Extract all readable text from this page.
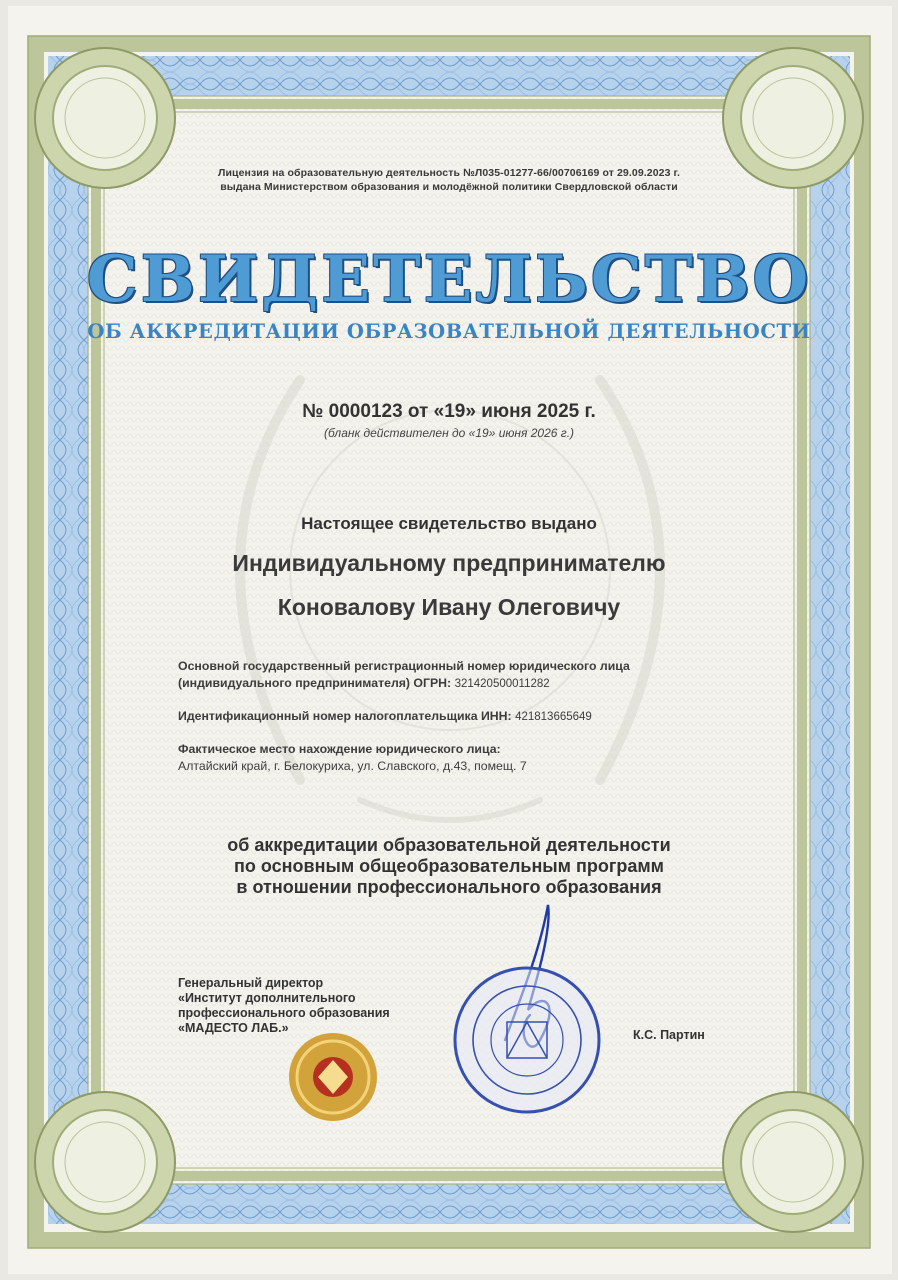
Лицензия на образовательную деятельность №Л035-01277-66/00706169 от 29.09.2023 г.
выдана Министерством образования и молодёжной политики Свердловской области
СВИДЕТЕЛЬСТВО
ОБ АККРЕДИТАЦИИ ОБРАЗОВАТЕЛЬНОЙ ДЕЯТЕЛЬНОСТИ
№ 0000123 от «19» июня 2025 г.
(бланк действителен до «19» июня 2026 г.)
Настоящее свидетельство выдано
Индивидуальному предпринимателю
Коновалову Ивану Олеговичу
Основной государственный регистрационный номер юридического лица
(индивидуального предпринимателя) ОГРН: 321420500011282
Идентификационный номер налогоплательщика ИНН: 421813665649
Фактическое место нахождение юридического лица:
Алтайский край, г. Белокуриха, ул. Славского, д.43, помещ. 7
об аккредитации образовательной деятельности
по основным общеобразовательным программ
в отношении профессионального образования
Генеральный директор
«Институт дополнительного
профессионального образования
«МАДЕСТО ЛАБ.»	К.С. Партин
